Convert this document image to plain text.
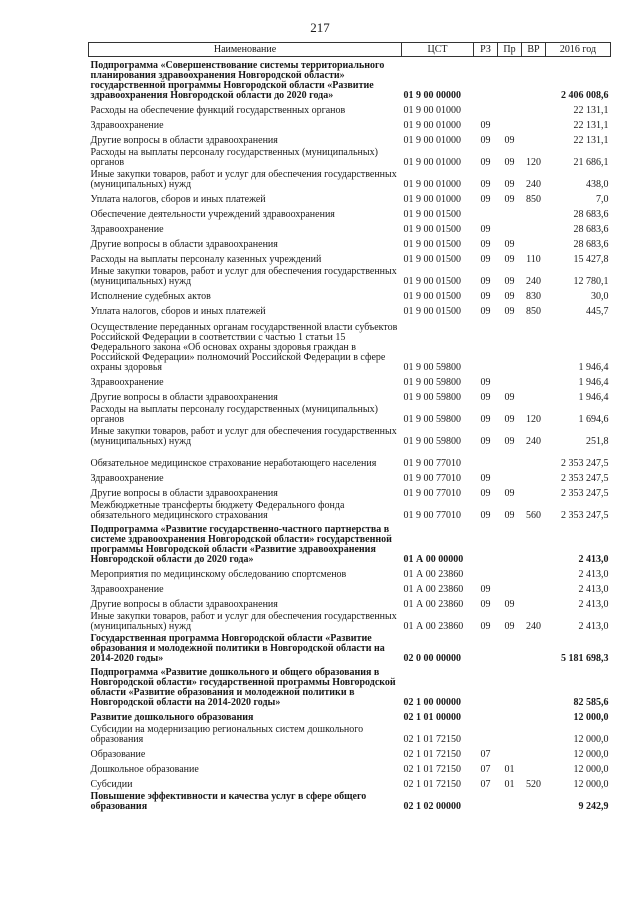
217
Наименование	ЦСТ	РЗ	Пр	ВР	2016 год
Подпрограмма «Совершенствование системы территориального планирования здравоохранения Новгородской области» государственной программы Новгородской области «Развитие здравоохранения Новгородской области до 2020 года»	01 9 00 00000				2 406 008,6
Расходы на обеспечение функций государственных органов	01 9 00 01000				22 131,1
Здравоохранение	01 9 00 01000	09			22 131,1
Другие вопросы в области здравоохранения	01 9 00 01000	09	09		22 131,1
Расходы на выплаты персоналу государственных (муниципальных) органов	01 9 00 01000	09	09	120	21 686,1
Иные закупки товаров, работ и услуг для обеспечения государственных (муниципальных) нужд	01 9 00 01000	09	09	240	438,0
Уплата налогов, сборов и иных платежей	01 9 00 01000	09	09	850	7,0
Обеспечение деятельности учреждений здравоохранения	01 9 00 01500				28 683,6
Здравоохранение	01 9 00 01500	09			28 683,6
Другие вопросы в области здравоохранения	01 9 00 01500	09	09		28 683,6
Расходы на выплаты персоналу казенных учреждений	01 9 00 01500	09	09	110	15 427,8
Иные закупки товаров, работ и услуг для обеспечения государственных (муниципальных) нужд	01 9 00 01500	09	09	240	12 780,1
Исполнение судебных актов	01 9 00 01500	09	09	830	30,0
Уплата налогов, сборов и иных платежей	01 9 00 01500	09	09	850	445,7
Осуществление переданных органам государственной власти субъектов Российской Федерации в соответствии с частью 1 статьи 15 Федерального закона «Об основах охраны здоровья граждан в Российской Федерации» полномочий Российской Федерации в сфере охраны здоровья	01 9 00 59800				1 946,4
Здравоохранение	01 9 00 59800	09			1 946,4
Другие вопросы в области здравоохранения	01 9 00 59800	09	09		1 946,4
Расходы на выплаты персоналу государственных (муниципальных) органов	01 9 00 59800	09	09	120	1 694,6
Иные закупки товаров, работ и услуг для обеспечения государственных (муниципальных) нужд	01 9 00 59800	09	09	240	251,8
Обязательное медицинское страхование неработающего населения	01 9 00 77010				2 353 247,5
Здравоохранение	01 9 00 77010	09			2 353 247,5
Другие вопросы в области здравоохранения	01 9 00 77010	09	09		2 353 247,5
Межбюджетные трансферты бюджету Федерального фонда обязательного медицинского страхования	01 9 00 77010	09	09	560	2 353 247,5
Подпрограмма «Развитие государственно-частного партнерства в системе здравоохранения Новгородской области» государственной программы Новгородской области «Развитие здравоохранения Новгородской области до 2020 года»	01 А 00 00000				2 413,0
Мероприятия по медицинскому обследованию спортсменов	01 А 00 23860				2 413,0
Здравоохранение	01 А 00 23860	09			2 413,0
Другие вопросы в области здравоохранения	01 А 00 23860	09	09		2 413,0
Иные закупки товаров, работ и услуг для обеспечения государственных (муниципальных) нужд	01 А 00 23860	09	09	240	2 413,0
Государственная программа Новгородской области «Развитие образования и молодежной политики в Новгородской области на 2014-2020 годы»	02 0 00 00000				5 181 698,3
Подпрограмма «Развитие дошкольного и общего образования в Новгородской области» государственной программы Новгородской области «Развитие образования и молодежной политики в Новгородской области на 2014-2020 годы»	02 1 00 00000				82 585,6
Развитие дошкольного образования	02 1 01 00000				12 000,0
Субсидии на модернизацию региональных систем дошкольного образования	02 1 01 72150				12 000,0
Образование	02 1 01 72150	07			12 000,0
Дошкольное образование	02 1 01 72150	07	01		12 000,0
Субсидии	02 1 01 72150	07	01	520	12 000,0
Повышение эффективности и качества услуг в сфере общего образования	02 1 02 00000				9 242,9
